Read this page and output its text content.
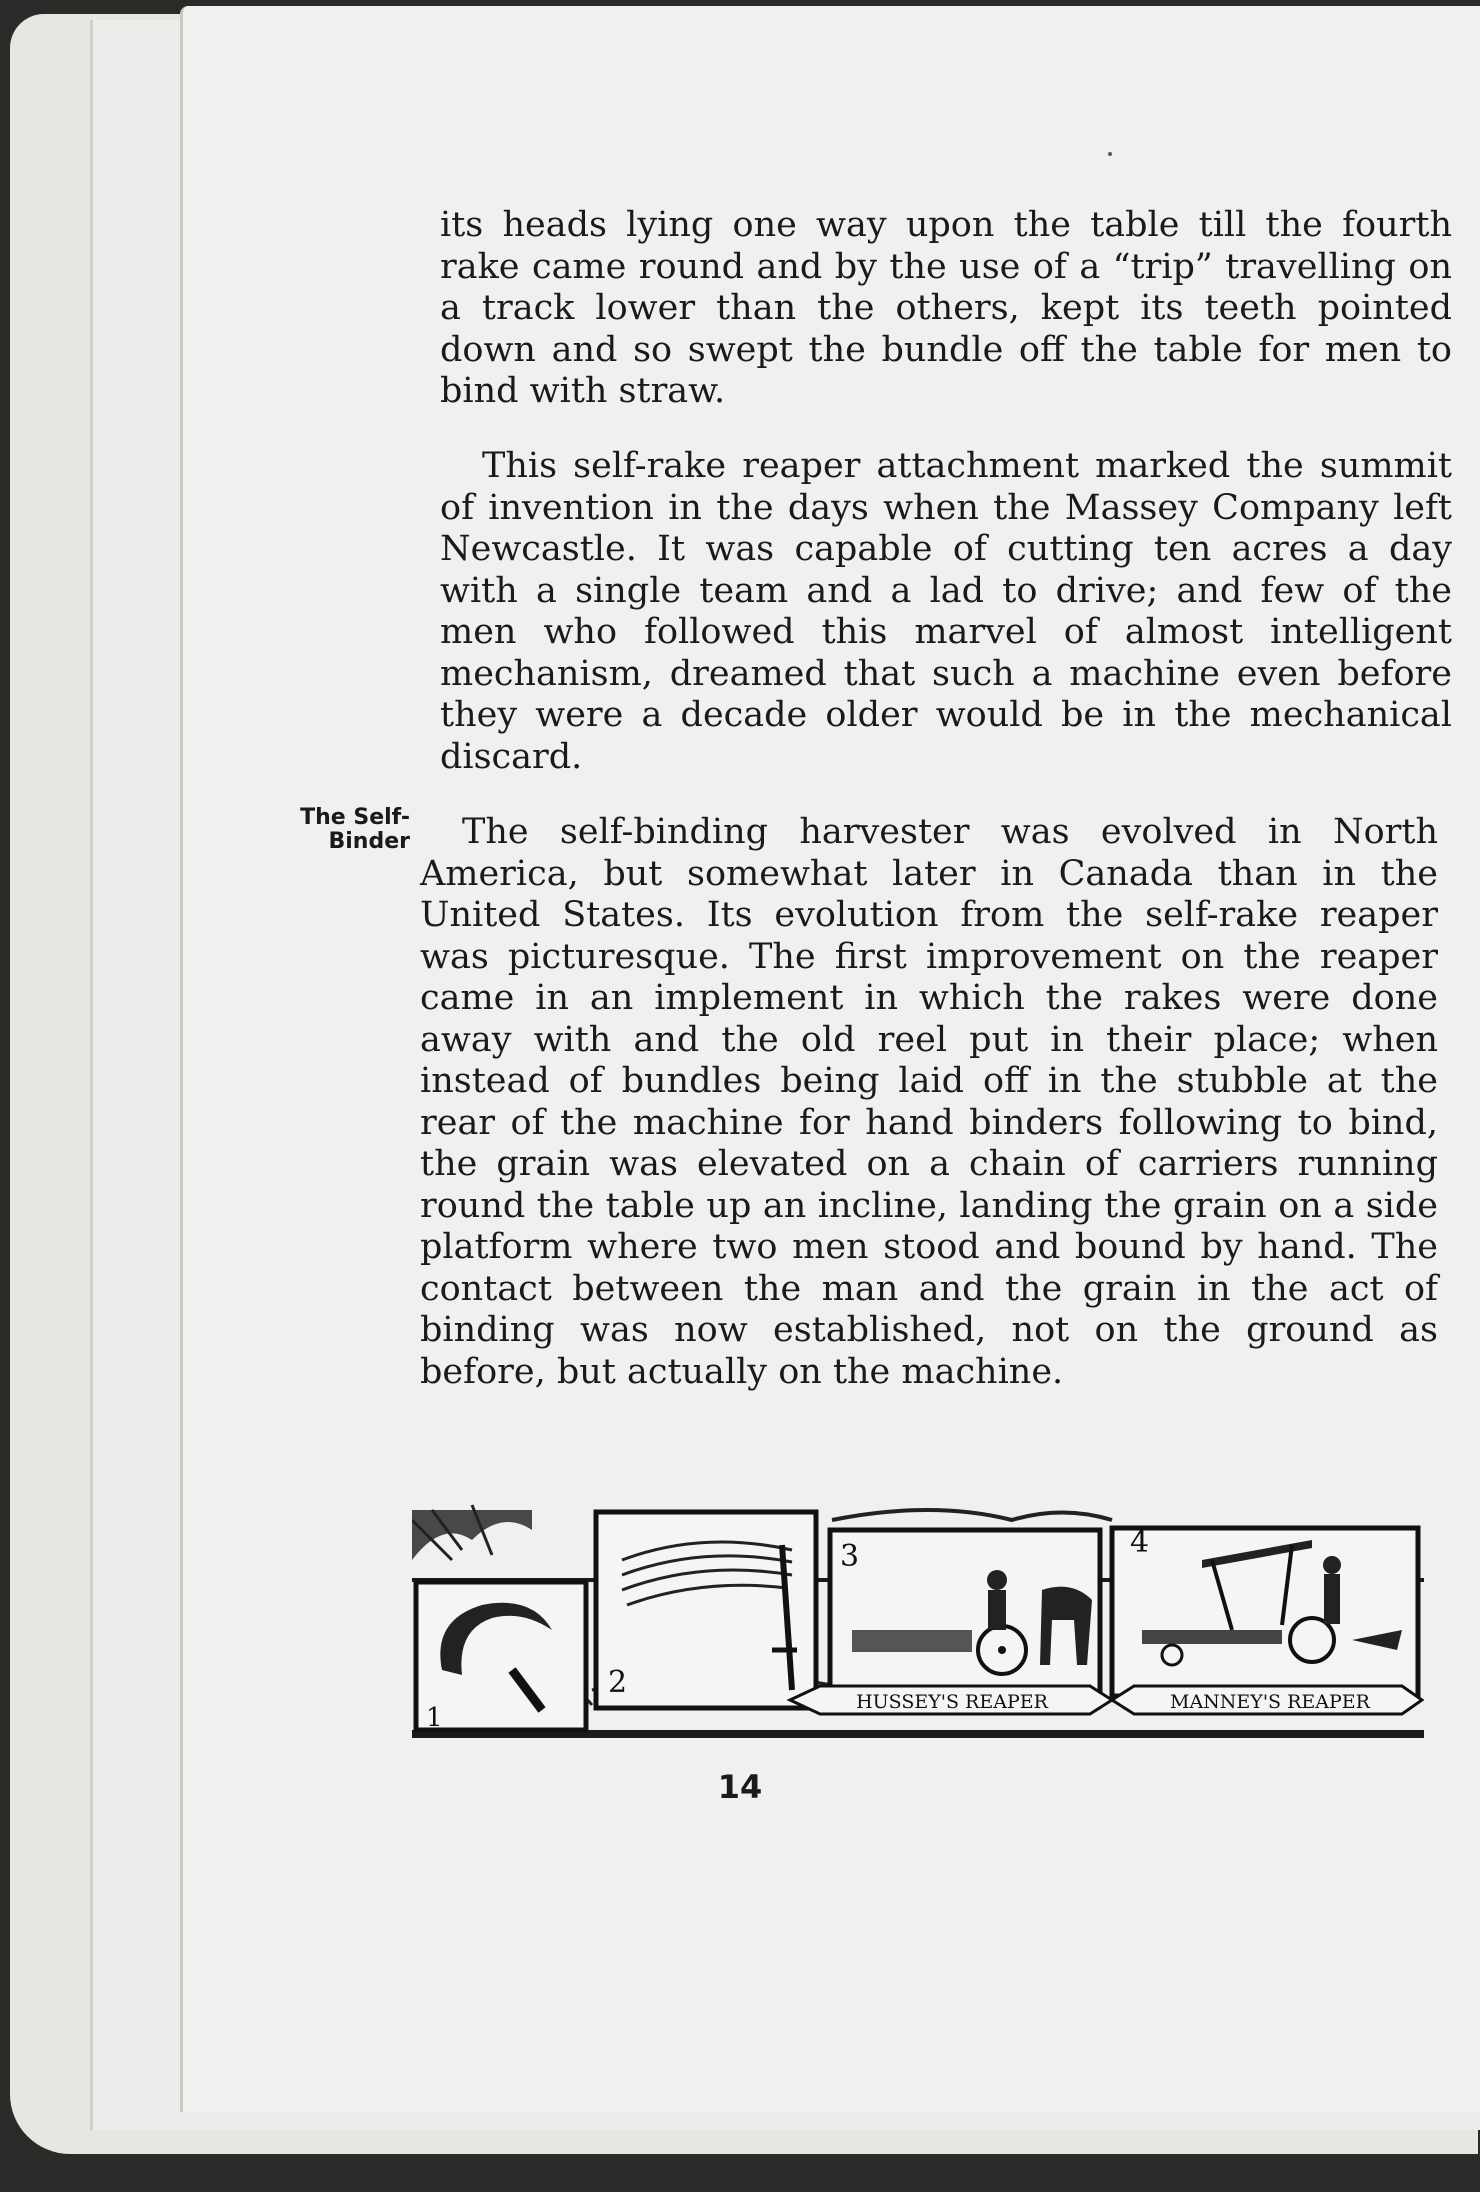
its heads lying one way upon the table till the fourth rake came round and by the use of a “trip” travelling on a track lower than the others, kept its teeth pointed down and so swept the bundle off the table for men to bind with straw.

This self-rake reaper attachment marked the summit of invention in the days when the Massey Company left Newcastle. It was capable of cutting ten acres a day with a single team and a lad to drive; and few of the men who followed this marvel of almost intelligent mechanism, dreamed that such a machine even before they were a decade older would be in the mechanical discard.

The Self-
Binder	The self-binding harvester was evolved in North America, but somewhat later in Canada than in the United States. Its evolution from the self-rake reaper was picturesque. The first improvement on the reaper came in an implement in which the rakes were done away with and the old reel put in their place; when instead of bundles being laid off in the stubble at the rear of the machine for hand binders following to bind, the grain was elevated on a chain of carriers running round the table up an incline, landing the grain on a side platform where two men stood and bound by hand. The contact between the man and the grain in the act of binding was now established, not on the ground as before, but actually on the machine.

1
2
3	4
HUSSEY'S REAPER	MANNEY'S REAPER
14
